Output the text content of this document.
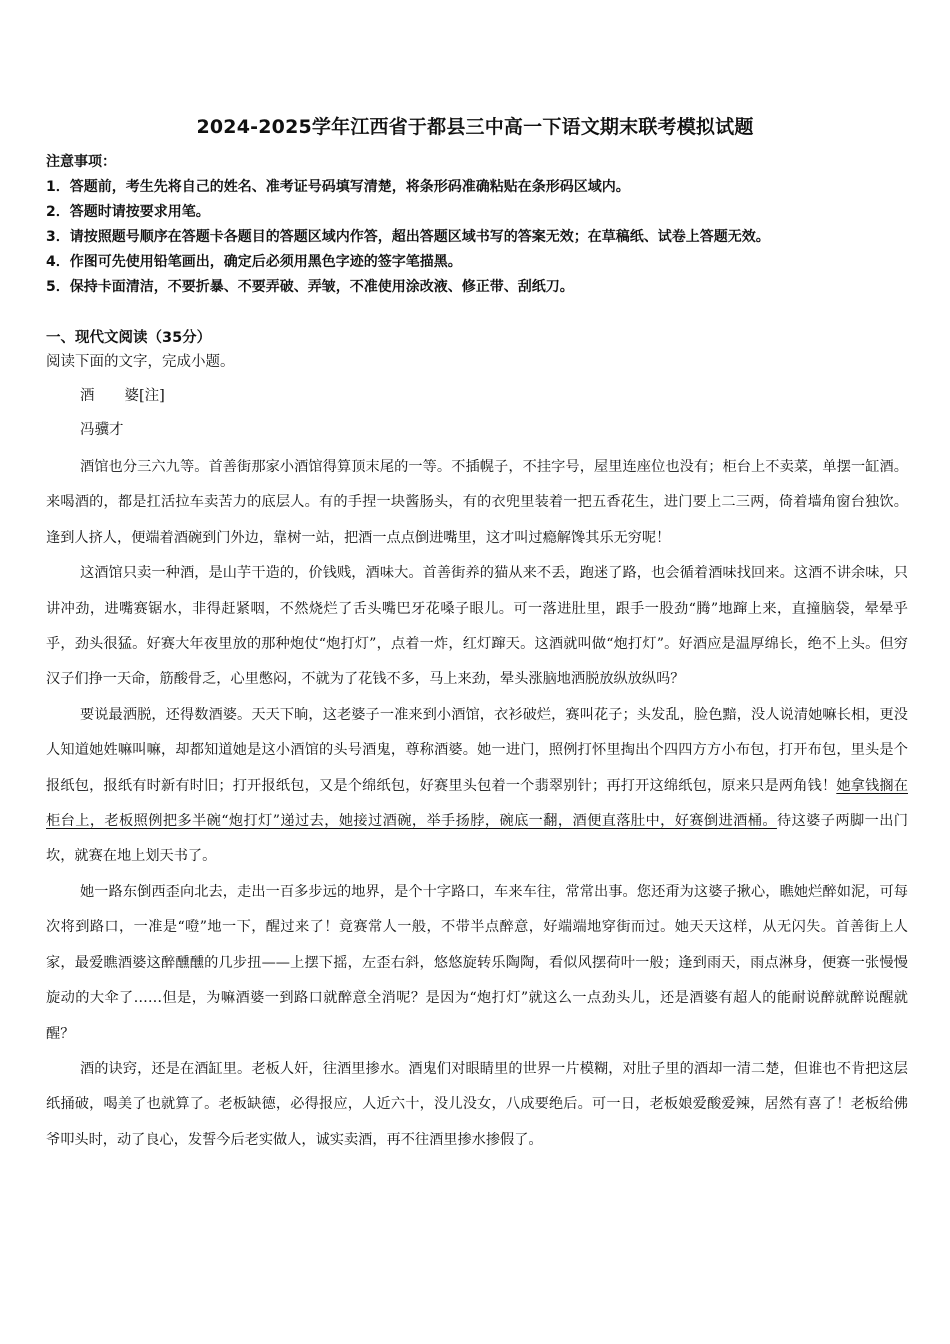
2024-2025学年江西省于都县三中高一下语文期末联考模拟试题
注意事项：
1．答题前，考生先将自己的姓名、准考证号码填写清楚，将条形码准确粘贴在条形码区域内。
2．答题时请按要求用笔。
3．请按照题号顺序在答题卡各题目的答题区域内作答，超出答题区域书写的答案无效；在草稿纸、试卷上答题无效。
4．作图可先使用铅笔画出，确定后必须用黑色字迹的签字笔描黑。
5．保持卡面清洁，不要折暴、不要弄破、弄皱，不准使用涂改液、修正带、刮纸刀。
一、现代文阅读（35分）
阅读下面的文字，完成小题。
酒 婆[注]
冯骥才

酒馆也分三六九等。首善街那家小酒馆得算顶末尾的一等。不插幌子，不挂字号，屋里连座位也没有；柜台上不卖菜，单摆一缸酒。来喝酒的，都是扛活拉车卖苦力的底层人。有的手捏一块酱肠头，有的衣兜里装着一把五香花生，进门要上二三两，倚着墙角窗台独饮。逢到人挤人，便端着酒碗到门外边，靠树一站，把酒一点点倒进嘴里，这才叫过瘾解馋其乐无穷呢！

这酒馆只卖一种酒，是山芋干造的，价钱贱，酒味大。首善街养的猫从来不丢，跑迷了路，也会循着酒味找回来。这酒不讲余味，只讲冲劲，进嘴赛锯水，非得赶紧咽，不然烧烂了舌头嘴巴牙花嗓子眼儿。可一落进肚里，跟手一股劲“腾”地蹿上来，直撞脑袋，晕晕乎乎，劲头很猛。好赛大年夜里放的那种炮仗“炮打灯”，点着一炸，红灯蹿天。这酒就叫做“炮打灯”。好酒应是温厚绵长，绝不上头。但穷汉子们挣一天命，筋酸骨乏，心里憋闷，不就为了花钱不多，马上来劲，晕头涨脑地洒脱放纵放纵吗？

要说最洒脱，还得数酒婆。天天下晌，这老婆子一准来到小酒馆，衣衫破烂，赛叫花子；头发乱，脸色黯，没人说清她嘛长相，更没人知道她姓嘛叫嘛，却都知道她是这小酒馆的头号酒鬼，尊称酒婆。她一进门，照例打怀里掏出个四四方方小布包，打开布包，里头是个报纸包，报纸有时新有时旧；打开报纸包，又是个绵纸包，好赛里头包着一个翡翠别针；再打开这绵纸包，原来只是两角钱！她拿钱搁在柜台上，老板照例把多半碗“炮打灯”递过去，她接过酒碗，举手扬脖，碗底一翻，酒便直落肚中，好赛倒进酒桶。待这婆子两脚一出门坎，就赛在地上划天书了。

她一路东倒西歪向北去，走出一百多步远的地界，是个十字路口，车来车往，常常出事。您还甭为这婆子揪心，瞧她烂醉如泥，可每次将到路口，一准是“噔”地一下，醒过来了！竟赛常人一般，不带半点醉意，好端端地穿街而过。她天天这样，从无闪失。首善街上人家，最爱瞧酒婆这醉醺醺的几步扭——上摆下摇，左歪右斜，悠悠旋转乐陶陶，看似风摆荷叶一般；逢到雨天，雨点淋身，便赛一张慢慢旋动的大伞了……但是，为嘛酒婆一到路口就醉意全消呢？是因为“炮打灯”就这么一点劲头儿，还是酒婆有超人的能耐说醉就醉说醒就醒？

酒的诀窍，还是在酒缸里。老板人奸，往酒里掺水。酒鬼们对眼睛里的世界一片模糊，对肚子里的酒却一清二楚，但谁也不肯把这层纸捅破，喝美了也就算了。老板缺德，必得报应，人近六十，没儿没女，八成要绝后。可一日，老板娘爱酸爱辣，居然有喜了！老板给佛爷叩头时，动了良心，发誓今后老实做人，诚实卖酒，再不往酒里掺水掺假了。
